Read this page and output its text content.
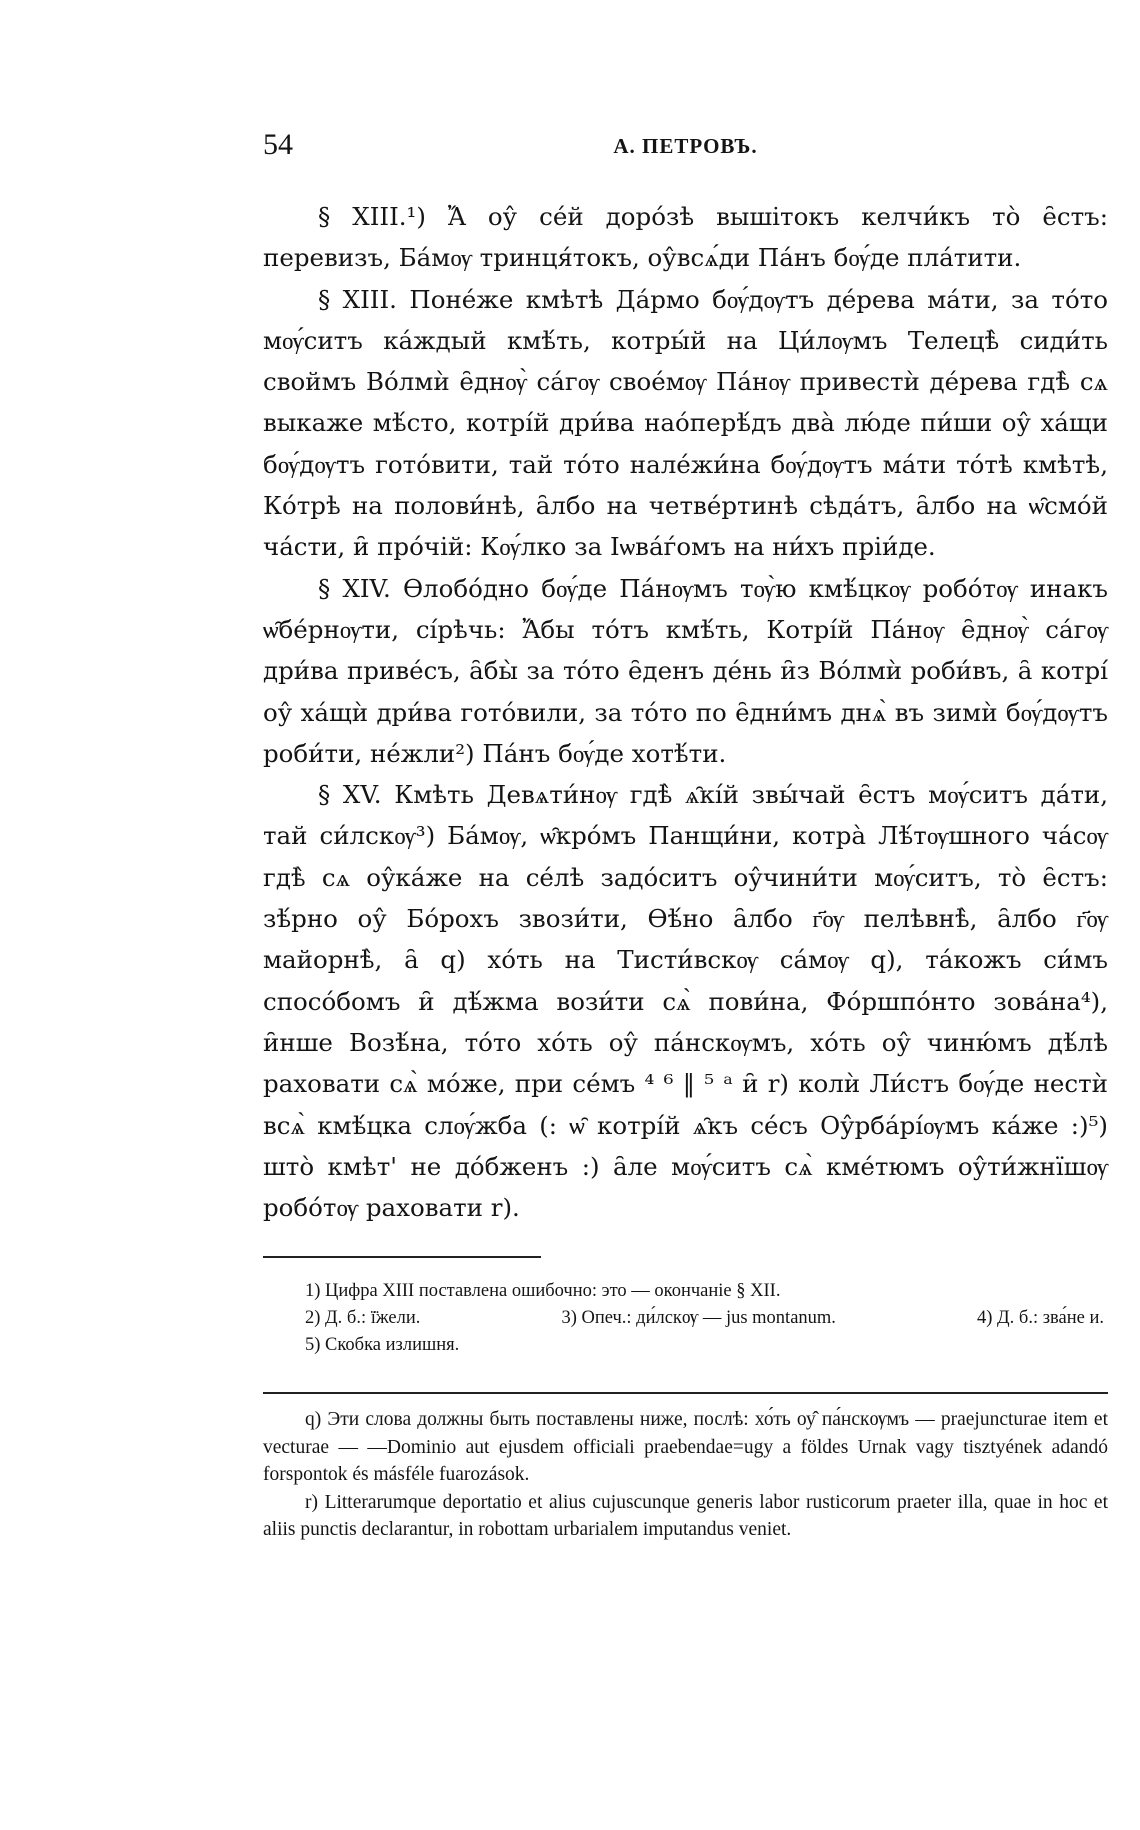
54	А. ПЕТРОВЪ.

§ XIII.¹) Ἄ оу̂ се́й доро́зѣ вышітокъ келчи́къ то̀ е̑стъ: перевизъ, Ба́мѹ тринця́токъ, оу̂всѧ́ди Па́нъ бѹ́де пла́тити.

§ XIII. Поне́же кмѣтѣ Да́рмо бѹ́дѹтъ де́рева ма́ти, за то́то мѹ́ситъ ка́ждый кмѣ́ть, котры́й на Ци́лѹмъ Телецѣ̀ сиди́ть своймъ Во́лмѝ е̑днѹ̀ са́гѹ свое́мѹ Па́нѹ привестѝ де́рева гдѣ̀ сѧ выкаже мѣ́сто, котрі́й дри́ва нао́перѣ́дъ два̀ лю́де пи́ши оу̂ ха́щи бѹ́дѹтъ гото́вити, тай то́то нале́жи́на бѹ́дѹтъ ма́ти то́тѣ кмѣтѣ, Ко́трѣ на полови́нѣ, а̑лбо на четве́ртинѣ сѣда́тъ, а̑лбо на ѡ̑смо́й ча́сти, и̑ про́чій: Кѹ́лко за Іѡва́ѓомъ на ни́хъ пріи́де.

§ XIV. Ѳлобо́дно бѹ́де Па́нѹмъ тѹ̀ю кмѣ́цкѹ робо́тѹ инакъ ѡ̑бе́рнѹти, сі́рѣчь: Ἄбы то́тъ кмѣ́ть, Котрі́й Па́нѹ е̑днѹ̀ са́гѹ дри́ва приве́съ, а̑бы̀ за то́то е̑денъ де́нь и̑з Во́лмѝ роби́въ, а̑ котрі́ оу̂ ха́щѝ дри́ва гото́вили, за то́то по е̑дни́мъ днѧ̀ въ зимѝ бѹ́дѹтъ роби́ти, не́жли²) Па́нъ бѹ́де хотѣ́ти.

§ XV. Кмѣть Девѧти́нѹ гдѣ̀ ѧ̑кі́й звы́чай е̑стъ мѹ́ситъ да́ти, тай си́лскѹ³) Ба́мѹ, ѡ̑кро́мъ Панщи́ни, котра̀ Лѣ́тѹшного ча́сѹ гдѣ̀ сѧ оу̂ка́же на се́лѣ задо́ситъ оу̂чини́ти мѹ́ситъ, то̀ е̑стъ: зѣ́рно оу̂ Бо́рохъ звози́ти, Ѳѣ́но а̑лбо г҃ѹ пелѣвнѣ̀, а̑лбо г҃ѹ майорнѣ̀, а̑ q) хо́ть на Тисти́вскѹ са́мѹ q), та́кожъ си́мъ спосо́бомъ и̑ дѣ́жма вози́ти сѧ̀ пови́на, Фо́ршпо́нто зова́на⁴), и̑нше Возѣ́на, то́то хо́ть оу̂ па́нскѹмъ, хо́ть оу̂ чиню́мъ дѣ́лѣ раховати сѧ̀ мо́же, при се́мъ ⁴ ⁶ ‖ ⁵ ᵃ и̑ r) колѝ Ли́стъ бѹ́де нестѝ всѧ̀ кмѣ́цка слѹ́жба (: ѡ̑ котрі́й ѧ̑къ се́съ Оу̂рба́рі́ѹмъ ка́же :)⁵) што̀ кмѣт' не до́бженъ :) а̑ле мѹ́ситъ сѧ̀ кме́тюмъ оу̂ти́жнїшѹ робо́тѹ раховати r).

1) Цифра XIII поставлена ошибочно: это — окончаніе § XII.
2) Д. б.: ї̈жели.	3) Опеч.: ди́лскѹ — jus montanum.	4) Д. б.: зва́не и.
5) Скобка излишня.

q) Эти слова должны быть поставлены ниже, послѣ: хо́ть оу̂ па́нскѹмъ — praejuncturae item et vecturae — —Dominio aut ejusdem officiali praebendae=ugy a földes Urnak vagy tisztyének adandó forspontok és másféle fuarozások.

r) Litterarumque deportatio et alius cujuscunque generis labor rusticorum praeter illa, quae in hoc et aliis punctis declarantur, in robottam urbarialem imputandus veniet.
